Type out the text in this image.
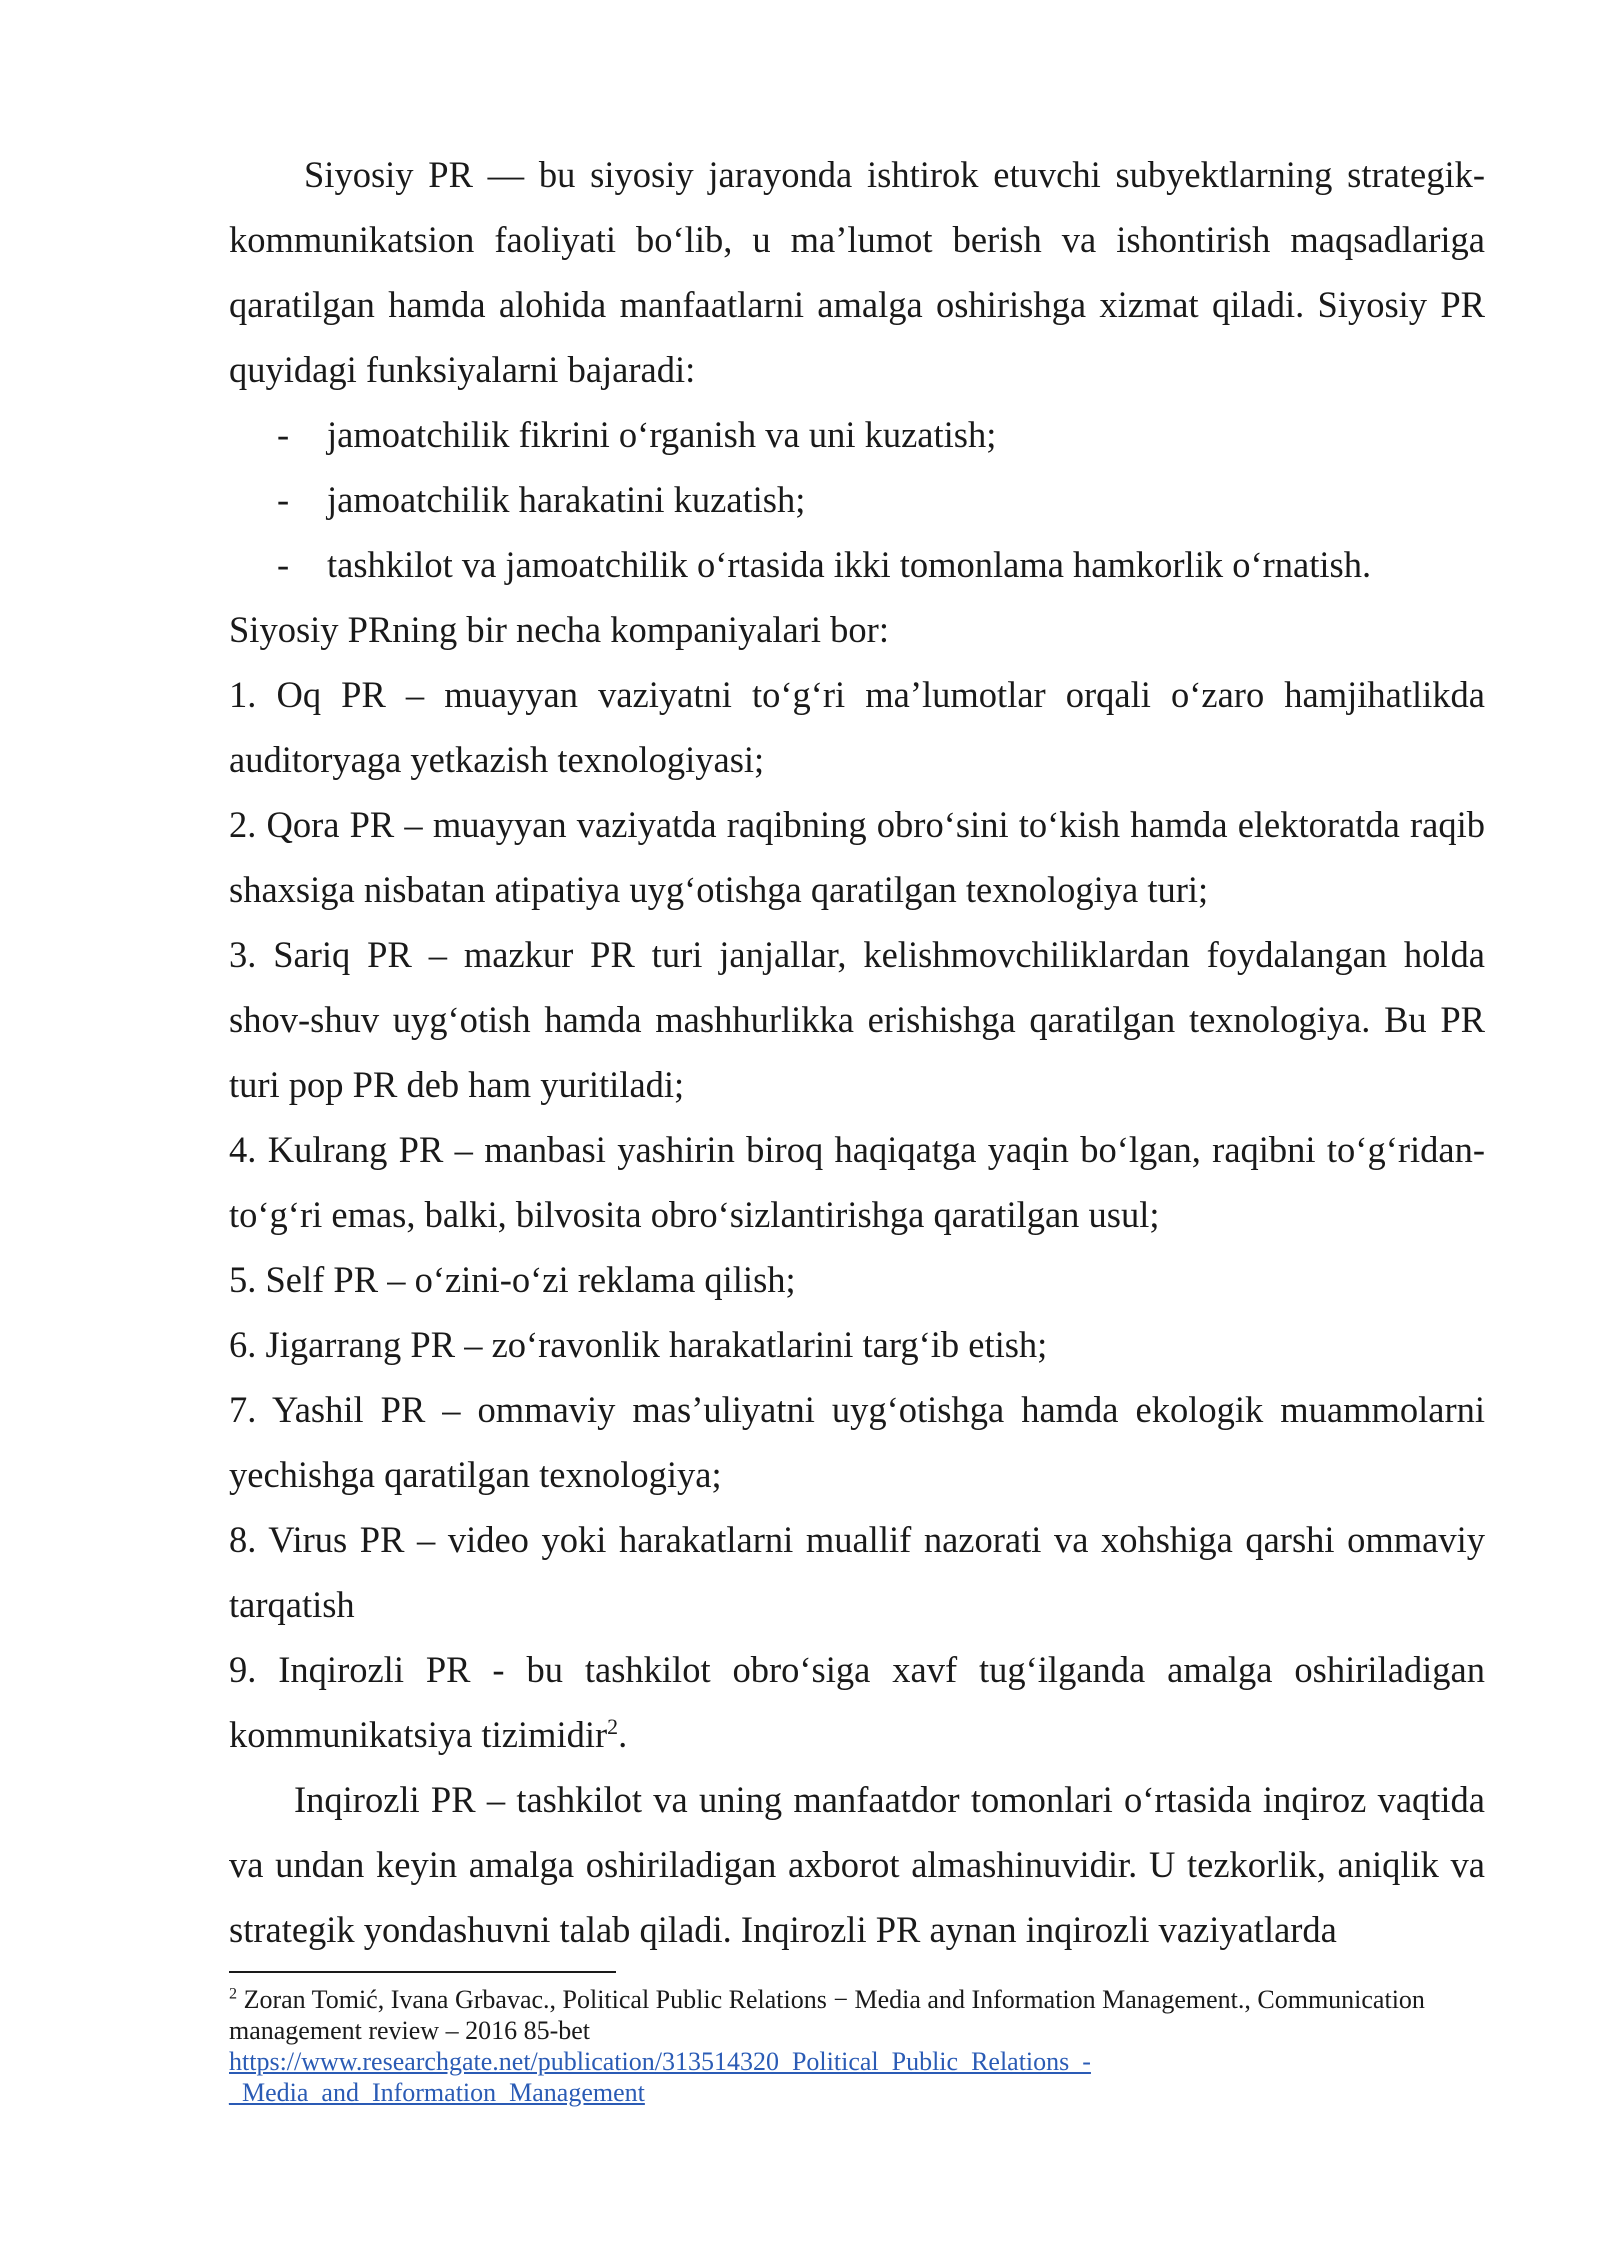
Siyosiy PR — bu siyosiy jarayonda ishtirok etuvchi subyektlarning strategik-kommunikatsion faoliyati bo‘lib, u ma’lumot berish va ishontirish maqsadlariga qaratilgan hamda alohida manfaatlarni amalga oshirishga xizmat qiladi. Siyosiy PR quyidagi funksiyalarni bajaradi:

-	jamoatchilik fikrini o‘rganish va uni kuzatish;
-	jamoatchilik harakatini kuzatish;
-	tashkilot va jamoatchilik o‘rtasida ikki tomonlama hamkorlik o‘rnatish.

Siyosiy PRning bir necha kompaniyalari bor:

1. Oq PR – muayyan vaziyatni to‘g‘ri ma’lumotlar orqali o‘zaro hamjihatlikda auditoryaga yetkazish texnologiyasi;

2. Qora PR – muayyan vaziyatda raqibning obro‘sini to‘kish hamda elektoratda raqib shaxsiga nisbatan atipatiya uyg‘otishga qaratilgan texnologiya turi;

3. Sariq PR – mazkur PR turi janjallar, kelishmovchiliklardan foydalangan holda shov-shuv uyg‘otish hamda mashhurlikka erishishga qaratilgan texnologiya. Bu PR turi pop PR deb ham yuritiladi;

4. Kulrang PR – manbasi yashirin biroq haqiqatga yaqin bo‘lgan, raqibni to‘g‘ridan-to‘g‘ri emas, balki, bilvosita obro‘sizlantirishga qaratilgan usul;

5. Self PR – o‘zini-o‘zi reklama qilish;

6. Jigarrang PR – zo‘ravonlik harakatlarini targ‘ib etish;

7. Yashil PR – ommaviy mas’uliyatni uyg‘otishga hamda ekologik muammolarni yechishga qaratilgan texnologiya;

8. Virus PR – video yoki harakatlarni muallif nazorati va xohshiga qarshi ommaviy tarqatish

9. Inqirozli PR - bu tashkilot obro‘siga xavf tug‘ilganda amalga oshiriladigan kommunikatsiya tizimidir$^2$.

Inqirozli PR – tashkilot va uning manfaatdor tomonlari o‘rtasida inqiroz vaqtida va undan keyin amalga oshiriladigan axborot almashinuvidir. U tezkorlik, aniqlik va strategik yondashuvni talab qiladi. Inqirozli PR aynan inqirozli vaziyatlarda

$^2$ Zoran Tomić, Ivana Grbavac., Political Public Relations − Media and Information Management., Communication management review – 2016 85-bet

https://www.researchgate.net/publication/313514320_Political_Public_Relations_-

_Media_and_Information_Management
